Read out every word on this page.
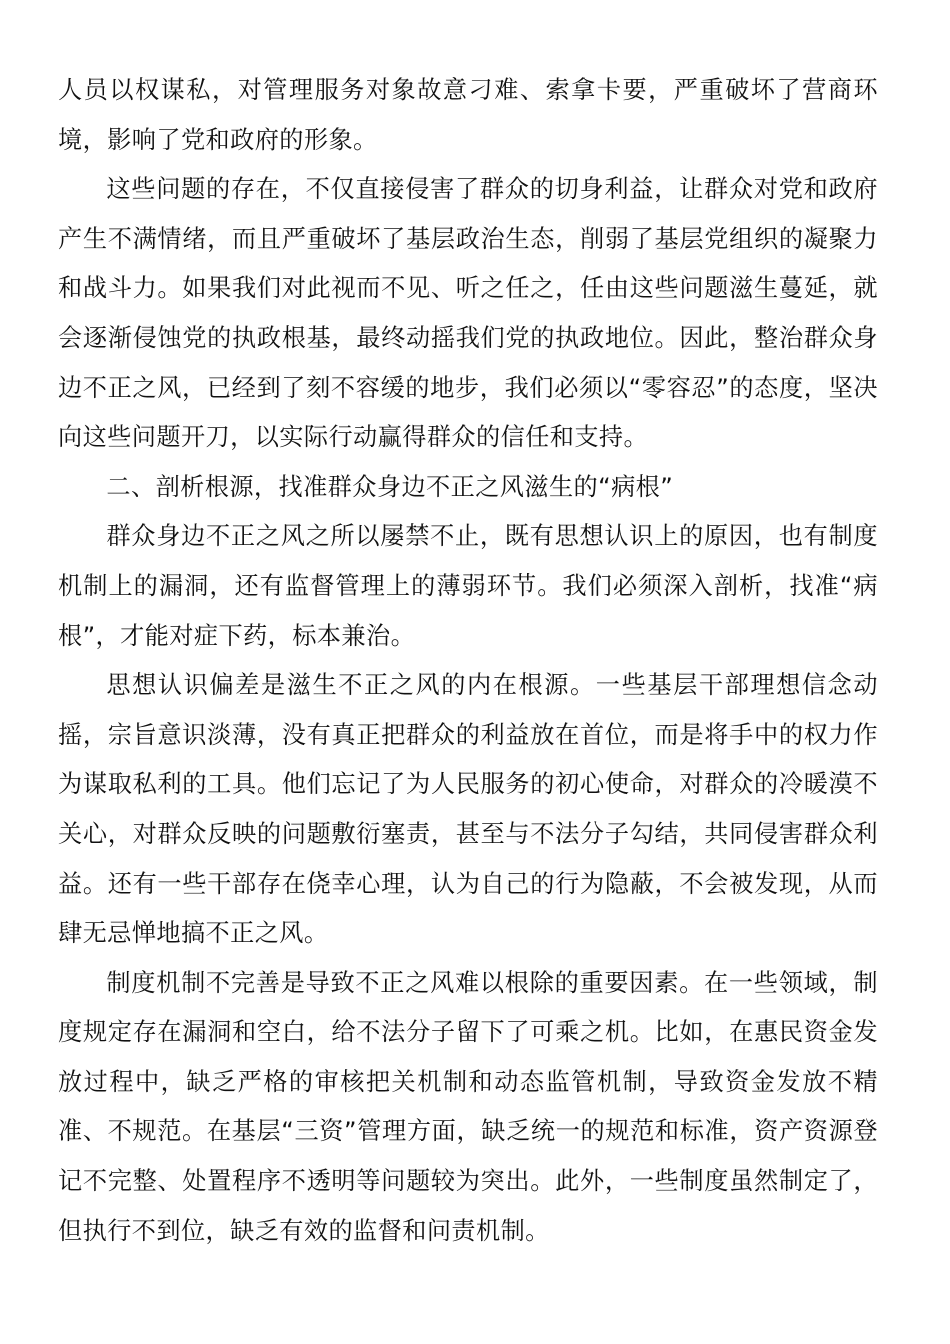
人员以权谋私，对管理服务对象故意刁难、索拿卡要，严重破坏了营商环境，影响了党和政府的形象。

这些问题的存在，不仅直接侵害了群众的切身利益，让群众对党和政府产生不满情绪，而且严重破坏了基层政治生态，削弱了基层党组织的凝聚力和战斗力。如果我们对此视而不见、听之任之，任由这些问题滋生蔓延，就会逐渐侵蚀党的执政根基，最终动摇我们党的执政地位。因此，整治群众身边不正之风，已经到了刻不容缓的地步，我们必须以“零容忍”的态度，坚决向这些问题开刀，以实际行动赢得群众的信任和支持。

二、剖析根源，找准群众身边不正之风滋生的“病根”

群众身边不正之风之所以屡禁不止，既有思想认识上的原因，也有制度机制上的漏洞，还有监督管理上的薄弱环节。我们必须深入剖析，找准“病根”，才能对症下药，标本兼治。

思想认识偏差是滋生不正之风的内在根源。一些基层干部理想信念动摇，宗旨意识淡薄，没有真正把群众的利益放在首位，而是将手中的权力作为谋取私利的工具。他们忘记了为人民服务的初心使命，对群众的冷暖漠不关心，对群众反映的问题敷衍塞责，甚至与不法分子勾结，共同侵害群众利益。还有一些干部存在侥幸心理，认为自己的行为隐蔽，不会被发现，从而肆无忌惮地搞不正之风。

制度机制不完善是导致不正之风难以根除的重要因素。在一些领域，制度规定存在漏洞和空白，给不法分子留下了可乘之机。比如，在惠民资金发放过程中，缺乏严格的审核把关机制和动态监管机制，导致资金发放不精准、不规范。在基层“三资”管理方面，缺乏统一的规范和标准，资产资源登记不完整、处置程序不透明等问题较为突出。此外，一些制度虽然制定了，但执行不到位，缺乏有效的监督和问责机制。
